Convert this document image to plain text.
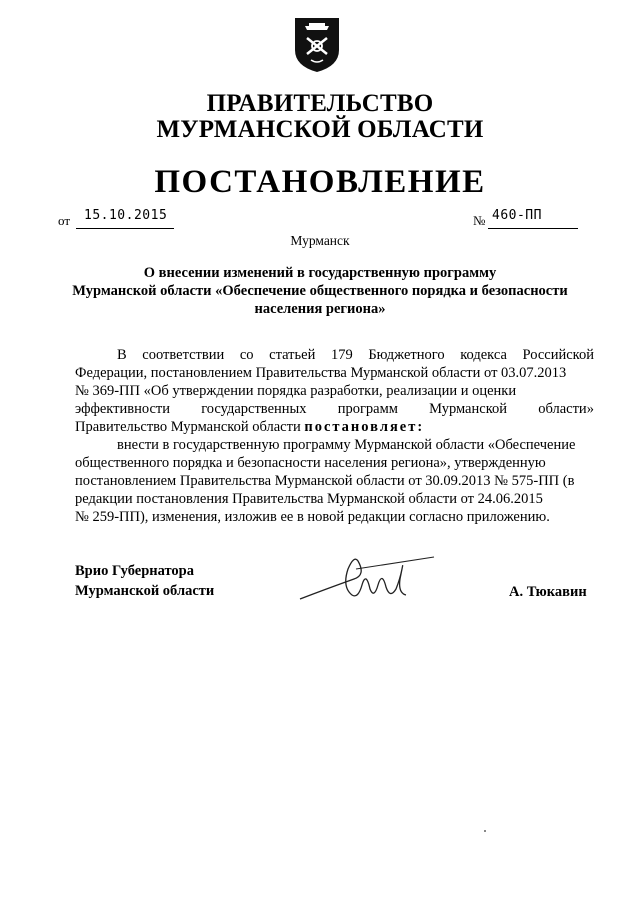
ПРАВИТЕЛЬСТВО
МУРМАНСКОЙ ОБЛАСТИ
ПОСТАНОВЛЕНИЕ
от 15.10.2015	№ 460-ПП
Мурманск
О внесении изменений в государственную программу
Мурманской области «Обеспечение общественного порядка и безопасности
населения региона»
В соответствии со статьей 179 Бюджетного кодекса Российской
Федерации, постановлением Правительства Мурманской области от 03.07.2013
№ 369-ПП «Об утверждении порядка разработки, реализации и оценки
эффективности государственных программ Мурманской области»
Правительство Мурманской области постановляет:
внести в государственную программу Мурманской области «Обеспечение
общественного порядка и безопасности населения региона», утвержденную
постановлением Правительства Мурманской области от 30.09.2013 № 575-ПП (в
редакции постановления Правительства Мурманской области от 24.06.2015
№ 259-ПП), изменения, изложив ее в новой редакции согласно приложению.
Врио Губернатора
Мурманской области	А. Тюкавин
